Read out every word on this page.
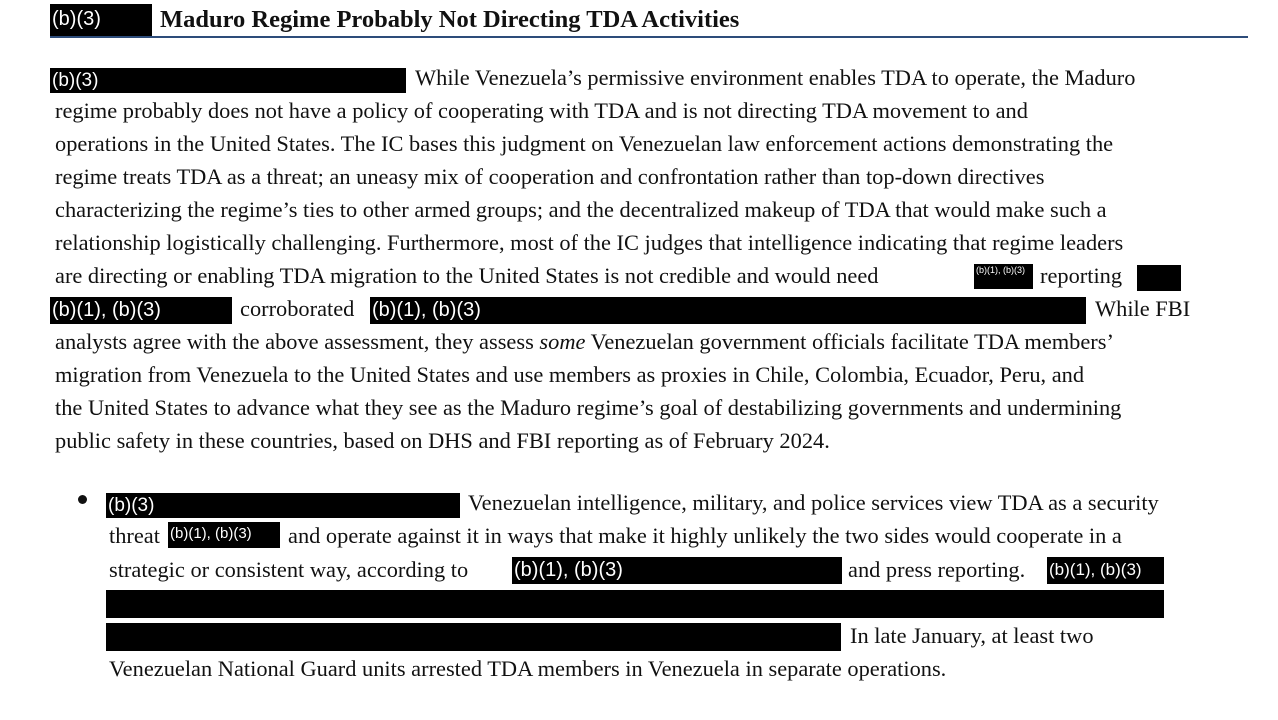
(b)(3) Maduro Regime Probably Not Directing TDA Activities
(b)(3)	While Venezuela’s permissive environment enables TDA to operate, the Maduro
regime probably does not have a policy of cooperating with TDA and is not directing TDA movement to and
operations in the United States. The IC bases this judgment on Venezuelan law enforcement actions demonstrating the
regime treats TDA as a threat; an uneasy mix of cooperation and confrontation rather than top-down directives
characterizing the regime’s ties to other armed groups; and the decentralized makeup of TDA that would make such a
relationship logistically challenging. Furthermore, most of the IC judges that intelligence indicating that regime leaders
are directing or enabling TDA migration to the United States is not credible and would need	(b)(1), (b)(3) reporting
(b)(1), (b)(3)	corroborated (b)(1), (b)(3)	While FBI
analysts agree with the above assessment, they assess some Venezuelan government officials facilitate TDA members’
migration from Venezuela to the United States and use members as proxies in Chile, Colombia, Ecuador, Peru, and
the United States to advance what they see as the Maduro regime’s goal of destabilizing governments and undermining
public safety in these countries, based on DHS and FBI reporting as of February 2024.
(b)(3)	Venezuelan intelligence, military, and police services view TDA as a security
threat (b)(1), (b)(3) and operate against it in ways that make it highly unlikely the two sides would cooperate in a
strategic or consistent way, according to (b)(1), (b)(3)	and press reporting. (b)(1), (b)(3)
In late January, at least two
Venezuelan National Guard units arrested TDA members in Venezuela in separate operations.
